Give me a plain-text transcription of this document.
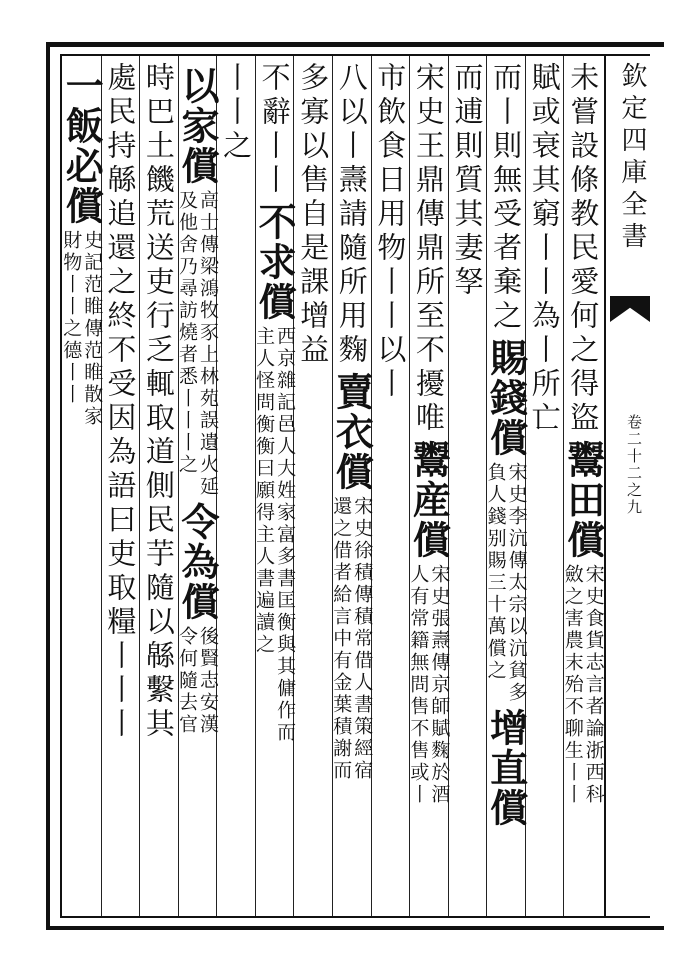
欽定四庫全書
卷二十二之九
未嘗設條教民愛何之得盜
鬻田償
宋史食貨志言者論浙西科
斂之害農末殆不聊生丨丨
賦或衰其窮丨丨為丨所亡
而丨則無受者棄之
賜錢償
宋史李沆傳太宗以沆貧多
負人錢别賜三十萬償之
增直償
而逋則質其妻孥
宋史王鼎傳鼎所至不擾唯
鬻産償
宋史張燾傳京師賦麴於酒
人有常籍無問售不售或丨
市飲食日用物丨丨以丨
八以丨燾請隨所用麴
賣衣償
宋史徐積傳積常借人書策經宿
還之借者給言中有金葉積謝而
多寡以售自是課增益
不辭丨丨
不求償
西京雜記邑人大姓家富多書匡衡與其傭作而
主人怪問衡衡曰願得主人書遍讀之
丨丨之
以家償
高士傳梁鴻牧豕上林苑誤遺火延
及他舍乃尋訪燒者悉丨丨丨之
令為償
後賢志安漢
令何隨去官
時巴土饑荒送吏行乏輒取道側民芋隨以緜繫其
處民持緜追還之終不受因為語曰吏取糧丨丨丨
一飯必償
史記范睢傳范睢散家
財物丨丨之德丨丨
